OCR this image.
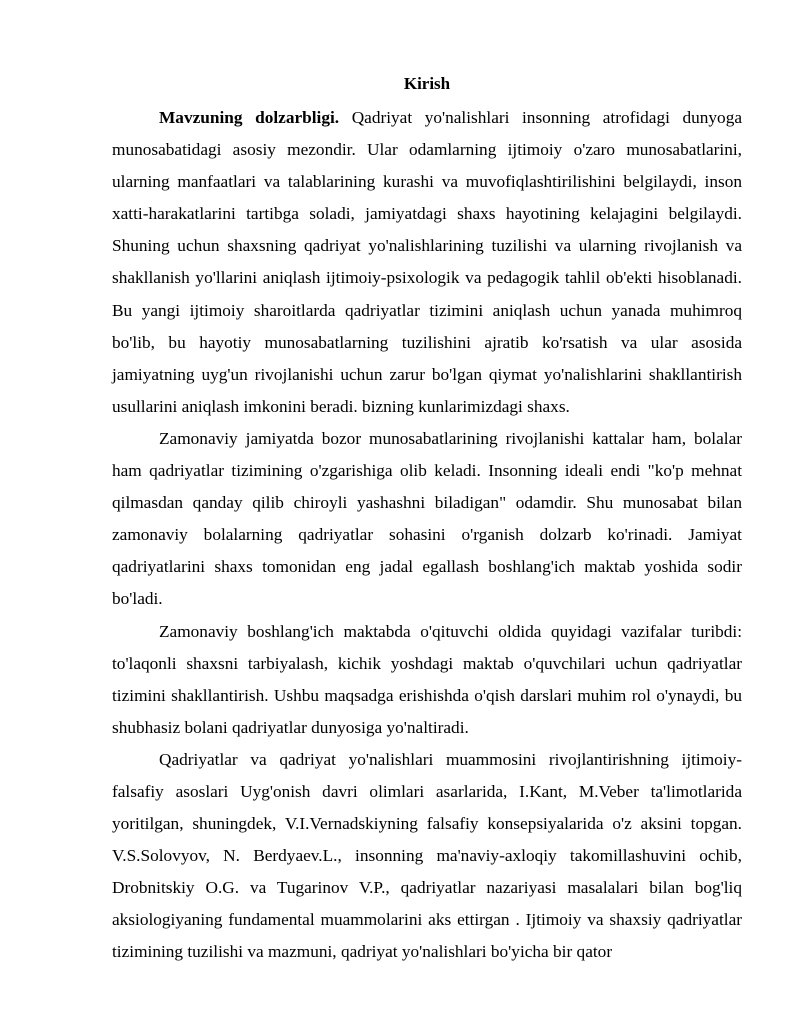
Kirish

Mavzuning dolzarbligi. Qadriyat yo'nalishlari insonning atrofidagi dunyoga munosabatidagi asosiy mezondir. Ular odamlarning ijtimoiy o'zaro munosabatlarini, ularning manfaatlari va talablarining kurashi va muvofiqlashtirilishini belgilaydi, inson xatti-harakatlarini tartibga soladi, jamiyatdagi shaxs hayotining kelajagini belgilaydi. Shuning uchun shaxsning qadriyat yo'nalishlarining tuzilishi va ularning rivojlanish va shakllanish yo'llarini aniqlash ijtimoiy-psixologik va pedagogik tahlil ob'ekti hisoblanadi. Bu yangi ijtimoiy sharoitlarda qadriyatlar tizimini aniqlash uchun yanada muhimroq bo'lib, bu hayotiy munosabatlarning tuzilishini ajratib ko'rsatish va ular asosida jamiyatning uyg'un rivojlanishi uchun zarur bo'lgan qiymat yo'nalishlarini shakllantirish usullarini aniqlash imkonini beradi. bizning kunlarimizdagi shaxs.

Zamonaviy jamiyatda bozor munosabatlarining rivojlanishi kattalar ham, bolalar ham qadriyatlar tizimining o'zgarishiga olib keladi. Insonning ideali endi "ko'p mehnat qilmasdan qanday qilib chiroyli yashashni biladigan" odamdir. Shu munosabat bilan zamonaviy bolalarning qadriyatlar sohasini o'rganish dolzarb ko'rinadi. Jamiyat qadriyatlarini shaxs tomonidan eng jadal egallash boshlang'ich maktab yoshida sodir bo'ladi.

Zamonaviy boshlang'ich maktabda o'qituvchi oldida quyidagi vazifalar turibdi: to'laqonli shaxsni tarbiyalash, kichik yoshdagi maktab o'quvchilari uchun qadriyatlar tizimini shakllantirish. Ushbu maqsadga erishishda o'qish darslari muhim rol o'ynaydi, bu shubhasiz bolani qadriyatlar dunyosiga yo'naltiradi.

Qadriyatlar va qadriyat yo'nalishlari muammosini rivojlantirishning ijtimoiy-falsafiy asoslari Uyg'onish davri olimlari asarlarida, I.Kant, M.Veber ta'limotlarida yoritilgan, shuningdek, V.I.Vernadskiyning falsafiy konsepsiyalarida o'z aksini topgan. V.S.Solovyov, N. Berdyaev.L., insonning ma'naviy-axloqiy takomillashuvini ochib, Drobnitskiy O.G. va Tugarinov V.P., qadriyatlar nazariyasi masalalari bilan bog'liq aksiologiyaning fundamental muammolarini aks ettirgan . Ijtimoiy va shaxsiy qadriyatlar tizimining tuzilishi va mazmuni, qadriyat yo'nalishlari bo'yicha bir qator
